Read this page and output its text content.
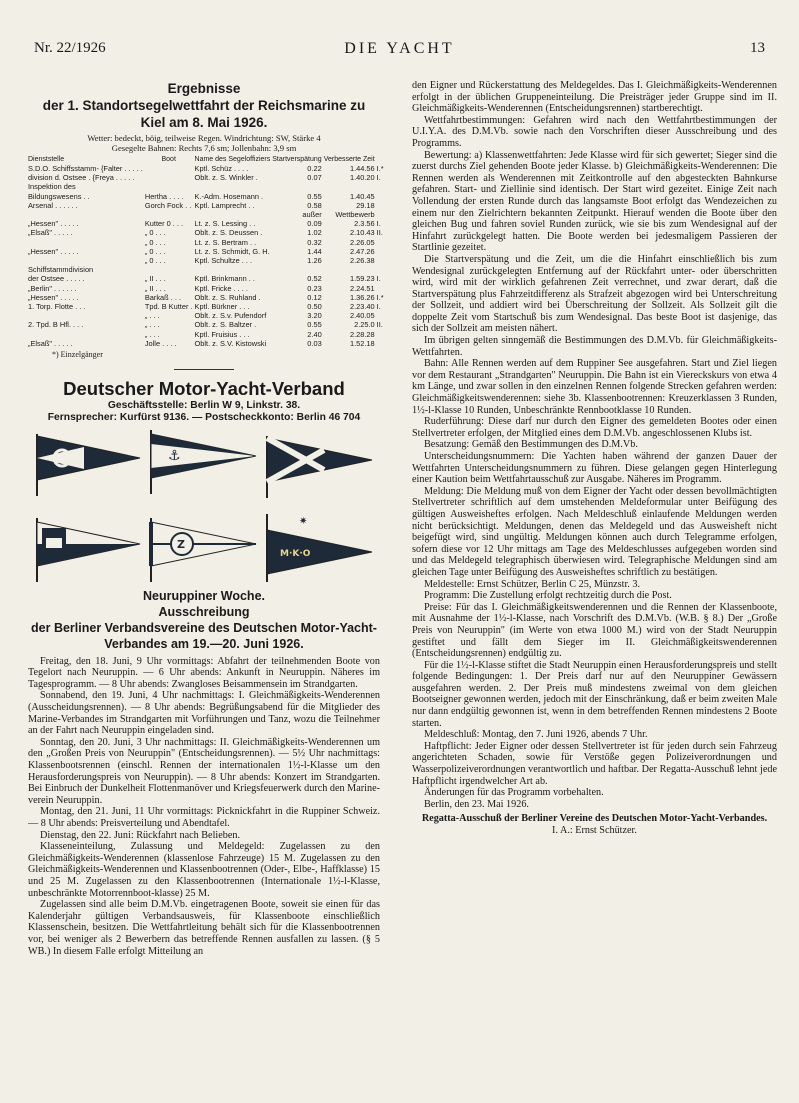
Nr. 22/1926	DIE YACHT	13
Ergebnisse
der 1. Standortsegelwettfahrt der Reichsmarine zu
Kiel am 8. Mai 1926.
Wetter: bedeckt, böig, teilweise Regen. Windrichtung: SW, Stärke 4
Gesegelte Bahnen: Rechts 7,6 sm; Jollenbahn: 3,9 sm
Dienststelle	Boot	Name des Segeloffiziers	Startverspätung	Verbesserte Zeit	
S.D.O. Schiffsstamm- {Falter . . . . .		Kptl. Schüz . . . .	0.22	1.44.56	I.*
division d. Ostsee . {Freya . . . . .		Oblt. z. S. Winkler .	0.07	1.40.20	I.
Inspektion des					
Bildungswesens . .	Hertha . . . .	K.-Adm. Hosemann .	0.55	1.40.45	
Arsenal . . . . . .	Gorch Fock . .	Kptl. Lamprecht . .	0.58	29.18	
			außer	Wettbewerb	
„Hessen" . . . . .	Kutter 0 . . .	Lt. z. S. Lessing . .	0.09	2.3.56	I.
„Elsaß" . . . . .	„ 0 . . .	Oblt. z. S. Deussen .	1.02	2.10.43	II.
	„ 0 . . .	Lt. z. S. Bertram . .	0.32	2.26.05	
„Hessen" . . . . .	„ 0 . . .	Lt. z. S. Schmidt, G. H.	1.44	2.47.26	
	„ 0 . . .	Kptl. Schultze . . .	1.26	2.26.38	
Schiffstammdivision					
der Ostsee . . . . .	„ II . . .	Kptl. Brinkmann . .	0.52	1.59.23	I.
„Berlin" . . . . . .	„ II . . .	Kptl. Fricke . . . .	0.23	2.24.51	
„Hessen" . . . . .	Barkaß . . .	Oblt. z. S. Ruhland .	0.12	1.36.26	I.*
1. Torp. Flotte . . .	Tpd. B Kutter .	Kptl. Bürkner . . .	0.50	2.23.40	I.
	„ . . .	Oblt. z. S.v. Pufendorf	3.20	2.40.05	
2. Tpd. B Hfl. . . .	„ . . .	Oblt. z. S. Baltzer .	0.55	2.25.0	II.
	„ . . .	Kptl. Fruisius . . .	2.40	2.28.28	
„Elsaß" . . . . .	Jolle . . . .	Oblt. z. S.V. Kistowski	0.03	1.52.18	
*) Einzelgänger
Deutscher Motor-Yacht-Verband
Geschäftsstelle: Berlin W 9, Linkstr. 38.
Fernsprecher: Kurfürst 9136. — Postscheckkonto: Berlin 46 704
⚓
Z
✷
M·K·O
Neuruppiner Woche.
Ausschreibung
der Berliner Verbandsvereine des Deutschen Motor-Yacht-Verbandes am 19.—20. Juni 1926.

Freitag, den 18. Juni, 9 Uhr vormittags: Abfahrt der teilnehmenden Boote von Tegelort nach Neuruppin. — 6 Uhr abends: Ankunft in Neuruppin. Näheres im Tagesprogramm. — 8 Uhr abends: Zwangloses Beisammensein im Strandgarten.

Sonnabend, den 19. Juni, 4 Uhr nachmittags: I. Gleichmäßigkeits-Wenderennen (Ausscheidungsrennen). — 8 Uhr abends: Begrüßungsabend für die Mitglieder des Marine-Verbandes im Strandgarten mit Vorführungen und Tanz, wozu die Teilnehmer an der Fahrt nach Neuruppin eingeladen sind.

Sonntag, den 20. Juni, 3 Uhr nachmittags: II. Gleichmäßigkeits-Wenderennen um den „Großen Preis von Neuruppin" (Entscheidungsrennen). — 5½ Uhr nachmittags: Klassenbootsrennen (einschl. Rennen der internationalen 1½-l-Klasse um den Herausforderungspreis von Neuruppin). — 8 Uhr abends: Konzert im Strandgarten. Bei Einbruch der Dunkelheit Flottenmanöver und Kriegsfeuerwerk durch den Marine-verein Neuruppin.

Montag, den 21. Juni, 11 Uhr vormittags: Picknickfahrt in die Ruppiner Schweiz. — 8 Uhr abends: Preisverteilung und Abendtafel.

Dienstag, den 22. Juni: Rückfahrt nach Belieben.

Klasseneinteilung, Zulassung und Meldegeld: Zugelassen zu den Gleichmäßigkeits-Wenderennen (klassenlose Fahrzeuge) 15 M. Zugelassen zu den Gleichmäßigkeits-Wenderennen und Klassenbootrennen (Oder-, Elbe-, Haffklasse) 15 und 25 M. Zugelassen zu den Klassenbootrennen (Internationale 1½-l-Klasse, unbeschränkte Motorrennboot-klasse) 25 M.

Zugelassen sind alle beim D.M.Vb. eingetragenen Boote, soweit sie einen für das Kalenderjahr gültigen Verbandsausweis, für Klassenboote einschließlich Klassenschein, besitzen. Die Wettfahrtleitung behält sich für die Klassenbootrennen vor, bei weniger als 2 Bewerbern das betreffende Rennen ausfallen zu lassen. (§ 5 WB.) In diesem Falle erfolgt Mitteilung an

den Eigner und Rückerstattung des Meldegeldes. Das I. Gleichmäßigkeits-Wenderennen erfolgt in der üblichen Gruppeneinteilung. Die Preisträger jeder Gruppe sind im II. Gleichmäßigkeits-Wenderennen (Entscheidungsrennen) startberechtigt.

Wettfahrtbestimmungen: Gefahren wird nach den Wettfahrtbestimmungen der U.I.Y.A. des D.M.Vb. sowie nach den Vorschriften dieser Ausschreibung und des Programms.

Bewertung: a) Klassenwettfahrten: Jede Klasse wird für sich gewertet; Sieger sind die zuerst durchs Ziel gehenden Boote jeder Klasse. b) Gleichmäßigkeits-Wenderennen: Die Rennen werden als Wenderennen mit Zeitkontrolle auf den abgesteckten Bahnkurse gefahren. Start- und Ziellinie sind identisch. Der Start wird gezeitet. Einige Zeit nach Vollendung der ersten Runde durch das langsamste Boot erfolgt das Wendezeichen zu einem nur den Zielrichtern bekannten Zeitpunkt. Hierauf wenden die Boote über den gleichen Bug und fahren soviel Runden zurück, wie sie bis zum Wendesignal auf der Hinfahrt zurückgelegt hatten. Die Boote werden bei jedesmaligem Passieren der Startlinie gezeitet.

Die Startverspätung und die Zeit, um die die Hinfahrt einschließlich bis zum Wendesignal zurückgelegten Entfernung auf der Rückfahrt unter- oder überschritten wird, wird mit der wirklich gefahrenen Zeit verrechnet, und zwar derart, daß die Startverspätung plus Fahrzeitdifferenz als Strafzeit abgezogen wird bei Unterschreitung der Sollzeit, und addiert wird bei Überschreitung der Sollzeit. Als Sollzeit gilt die doppelte Zeit vom Startschuß bis zum Wendesignal. Das beste Boot ist dasjenige, das sich der Sollzeit am meisten nähert.

Im übrigen gelten sinngemäß die Bestimmungen des D.M.Vb. für Gleichmäßigkeits-Wettfahrten.

Bahn: Alle Rennen werden auf dem Ruppiner See ausgefahren. Start und Ziel liegen vor dem Restaurant „Strandgarten" Neuruppin. Die Bahn ist ein Viereckskurs von etwa 4 km Länge, und zwar sollen in den einzelnen Rennen folgende Strecken gefahren werden: Gleichmäßigkeitswenderennen: siehe 3b. Klassenbootrennen: Kreuzerklassen 3 Runden, 1½-l-Klasse 10 Runden, Unbeschränkte Rennbootklasse 10 Runden.

Ruderführung: Diese darf nur durch den Eigner des gemeldeten Bootes oder einen Stellvertreter erfolgen, der Mitglied eines dem D.M.Vb. angeschlossenen Klubs ist.

Besatzung: Gemäß den Bestimmungen des D.M.Vb.

Unterscheidungsnummern: Die Yachten haben während der ganzen Dauer der Wettfahrten Unterscheidungsnummern zu führen. Diese gelangen gegen Hinterlegung einer Kaution beim Wettfahrtausschuß zur Ausgabe. Näheres im Programm.

Meldung: Die Meldung muß von dem Eigner der Yacht oder dessen bevollmächtigten Stellvertreter schriftlich auf dem umstehenden Meldeformular unter Beifügung des gültigen Ausweisheftes erfolgen. Nach Meldeschluß einlaufende Meldungen werden nicht berücksichtigt. Meldungen, denen das Meldegeld und das Ausweisheft nicht beigefügt wird, sind ungültig. Meldungen können auch durch Telegramme erfolgen, sofern diese vor 12 Uhr mittags am Tage des Meldeschlusses aufgegeben worden sind und das Meldegeld telegraphisch überwiesen wird. Telegraphische Meldungen sind am gleichen Tage unter Beifügung des Ausweisheftes schriftlich zu bestätigen.

Meldestelle: Ernst Schützer, Berlin C 25, Münzstr. 3.

Programm: Die Zustellung erfolgt rechtzeitig durch die Post.

Preise: Für das I. Gleichmäßigkeitswenderennen und die Rennen der Klassenboote, mit Ausnahme der 1½-l-Klasse, nach Vorschrift des D.M.Vb. (W.B. § 8.) Der „Große Preis von Neuruppin" (im Werte von etwa 1000 M.) wird von der Stadt Neuruppin gestiftet und fällt dem Sieger im II. Gleichmäßigkeitswenderennen (Entscheidungsrennen) endgültig zu.

Für die 1½-l-Klasse stiftet die Stadt Neuruppin einen Herausforderungspreis und stellt folgende Bedingungen: 1. Der Preis darf nur auf den Neuruppiner Gewässern ausgefahren werden. 2. Der Preis muß mindestens zweimal von dem gleichen Bootseigner gewonnen werden, jedoch mit der Einschränkung, daß er beim zweiten Male nur dann endgültig gewonnen ist, wenn in dem betreffenden Rennen mindestens 2 Boote starten.

Meldeschluß: Montag, den 7. Juni 1926, abends 7 Uhr.

Haftpflicht: Jeder Eigner oder dessen Stellvertreter ist für jeden durch sein Fahrzeug angerichteten Schaden, sowie für Verstöße gegen Polizeiverordnungen und Wasserpolizeiverordnungen verantwortlich und haftbar. Der Regatta-Ausschuß lehnt jede Haftpflicht irgendwelcher Art ab.

Änderungen für das Programm vorbehalten.

Berlin, den 23. Mai 1926.

Regatta-Ausschuß der Berliner Vereine des Deutschen Motor-Yacht-Verbandes.

I. A.: Ernst Schützer.
